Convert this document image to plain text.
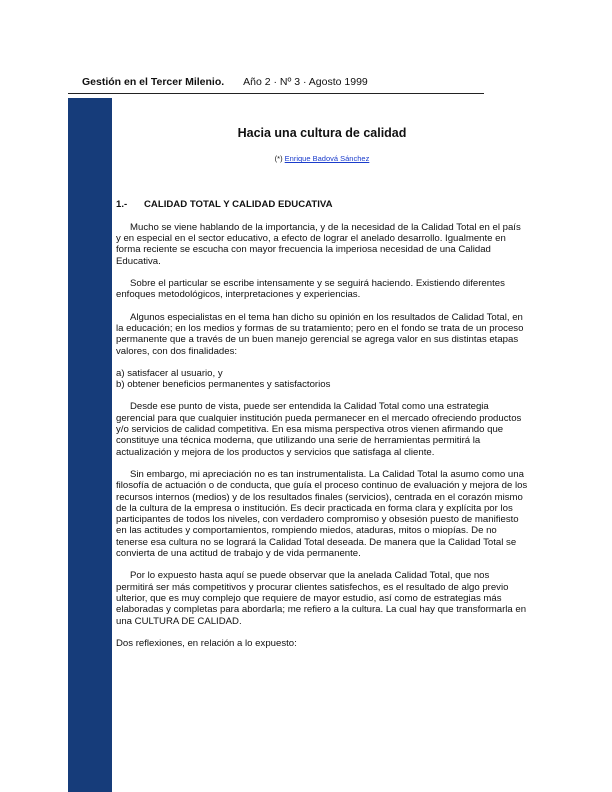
Gestión en el Tercer Milenio. Año 2 · Nº 3 · Agosto 1999
Hacia una cultura de calidad
(*) Enrique Badová Sánchez
1.- CALIDAD TOTAL Y CALIDAD EDUCATIVA

Mucho se viene hablando de la importancia, y de la necesidad de la Calidad Total en el país y en especial en el sector educativo, a efecto de lograr el anelado desarrollo. Igualmente en forma reciente se escucha con mayor frecuencia la imperiosa necesidad de una Calidad Educativa.

Sobre el particular se escribe intensamente y se seguirá haciendo. Existiendo diferentes enfoques metodológicos, interpretaciones y experiencias.

Algunos especialistas en el tema han dicho su opinión en los resultados de Calidad Total, en la educación; en los medios y formas de su tratamiento; pero en el fondo se trata de un proceso permanente que a través de un buen manejo gerencial se agrega valor en sus distintas etapas valores, con dos finalidades:

a) satisfacer al usuario, y
b) obtener beneficios permanentes y satisfactorios

Desde ese punto de vista, puede ser entendida la Calidad Total como una estrategia gerencial para que cualquier institución pueda permanecer en el mercado ofreciendo productos y/o servicios de calidad competitiva. En esa misma perspectiva otros vienen afirmando que constituye una técnica moderna, que utilizando una serie de herramientas permitirá la actualización y mejora de los productos y servicios que satisfaga al cliente.

Sin embargo, mi apreciación no es tan instrumentalista. La Calidad Total la asumo como una filosofía de actuación o de conducta, que guía el proceso continuo de evaluación y mejora de los recursos internos (medios) y de los resultados finales (servicios), centrada en el corazón mismo de la cultura de la empresa o institución. Es decir practicada en forma clara y explícita por los participantes de todos los niveles, con verdadero compromiso y obsesión puesto de manifiesto en las actitudes y comportamientos, rompiendo miedos, ataduras, mitos o miopías. De no tenerse esa cultura no se logrará la Calidad Total deseada. De manera que la Calidad Total se convierta de una actitud de trabajo y de vida permanente.

Por lo expuesto hasta aquí se puede observar que la anelada Calidad Total, que nos permitirá ser más competitivos y procurar clientes satisfechos, es el resultado de algo previo ulterior, que es muy complejo que requiere de mayor estudio, así como de estrategias más elaboradas y completas para abordarla; me refiero a la cultura. La cual hay que transformarla en una CULTURA DE CALIDAD.

Dos reflexiones, en relación a lo expuesto:
